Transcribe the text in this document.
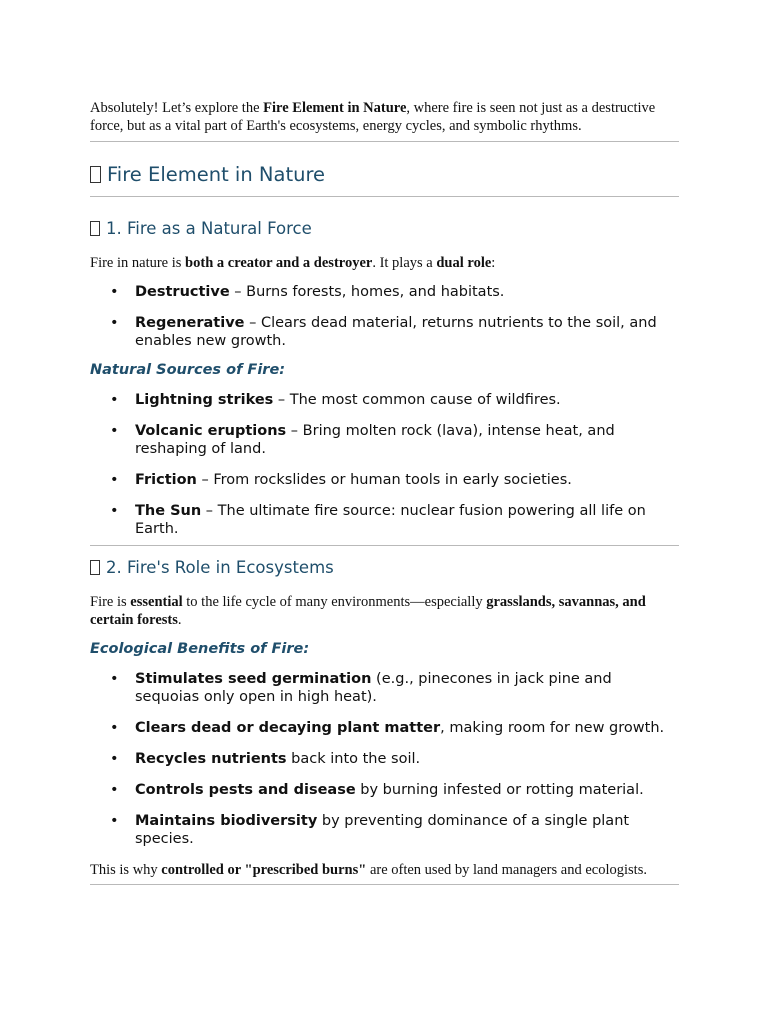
Absolutely! Let’s explore the Fire Element in Nature, where fire is seen not just as a destructive force, but as a vital part of Earth's ecosystems, energy cycles, and symbolic rhythms.

Fire Element in Nature
1. Fire as a Natural Force

Fire in nature is both a creator and a destroyer. It plays a dual role:

• Destructive – Burns forests, homes, and habitats.
• Regenerative – Clears dead material, returns nutrients to the soil, and enables new growth.
Natural Sources of Fire:
• Lightning strikes – The most common cause of wildfires.
• Volcanic eruptions – Bring molten rock (lava), intense heat, and reshaping of land.
• Friction – From rockslides or human tools in early societies.
• The Sun – The ultimate fire source: nuclear fusion powering all life on Earth.
2. Fire's Role in Ecosystems

Fire is essential to the life cycle of many environments—especially grasslands, savannas, and certain forests.

Ecological Benefits of Fire:
• Stimulates seed germination (e.g., pinecones in jack pine and sequoias only open in high heat).
• Clears dead or decaying plant matter, making room for new growth.
• Recycles nutrients back into the soil.
• Controls pests and disease by burning infested or rotting material.
• Maintains biodiversity by preventing dominance of a single plant species.

This is why controlled or "prescribed burns" are often used by land managers and ecologists.
